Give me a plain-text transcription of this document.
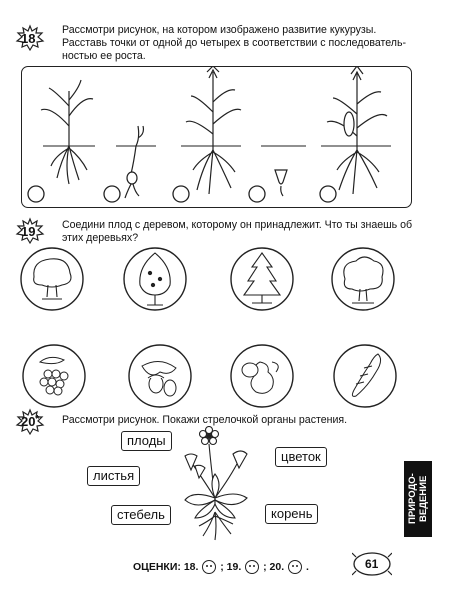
18
Рассмотри рисунок, на котором изображено развитие кукурузы.
Расставь точки от одной до четырех в соответствии с последователь-
ностью ее роста.
19	Соедини плод с деревом, которому он принадлежит. Что ты знаешь об
этих деревьях?
20* Рассмотри рисунок. Покажи стрелочкой органы растения.
плоды
листья
стебель
цветок
корень	ПРИРОДО-
ВЕДЕНИЕ
ОЦЕНКИ: 18. ; 19. ; 20. .	61
